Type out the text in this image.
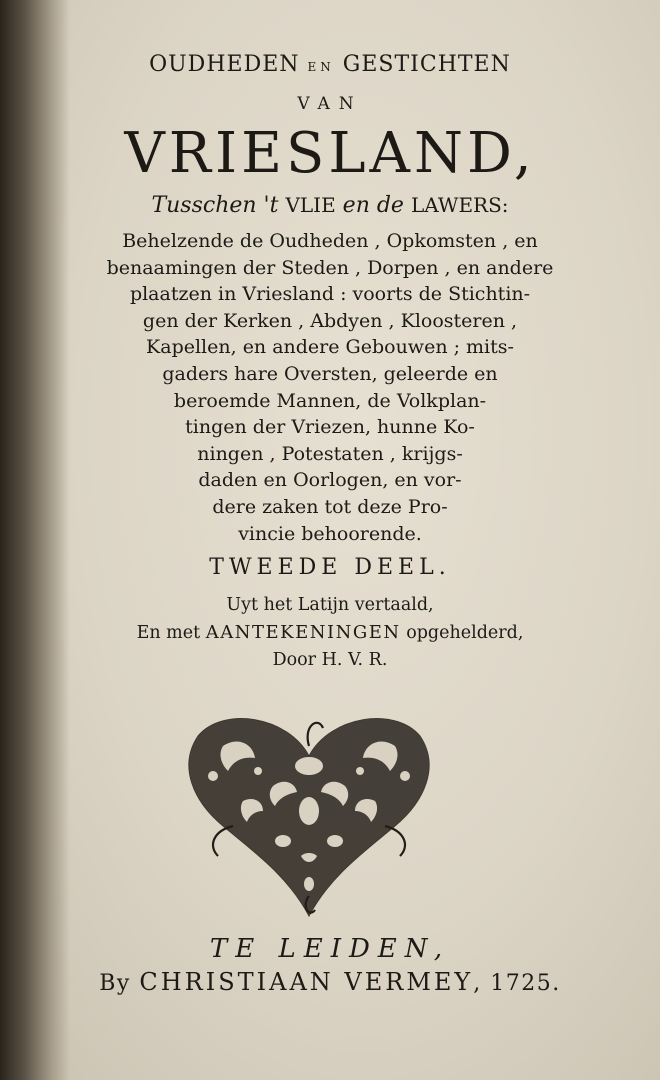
OUDHEDEN EN GESTICHTEN
VAN
VRIESLAND,
Tusschen 't VLIE en de LAWERS:
Behelzende de Oudheden , Opkomsten , en
benaamingen der Steden , Dorpen , en andere
plaatzen in Vriesland : voorts de Stichtin-
gen der Kerken , Abdyen , Kloosteren ,
Kapellen, en andere Gebouwen ; mits-
gaders hare Oversten, geleerde en
beroemde Mannen, de Volkplan-
tingen der Vriezen, hunne Ko-
ningen , Potestaten , krijgs-
daden en Oorlogen, en vor-
dere zaken tot deze Pro-
vincie behoorende.
TWEEDE DEEL.
Uyt het Latijn vertaald,
En met AANTEKENINGEN opgehelderd,
Door H. V. R.
TE LEIDEN,
By CHRISTIAAN VERMEY, 1725.
